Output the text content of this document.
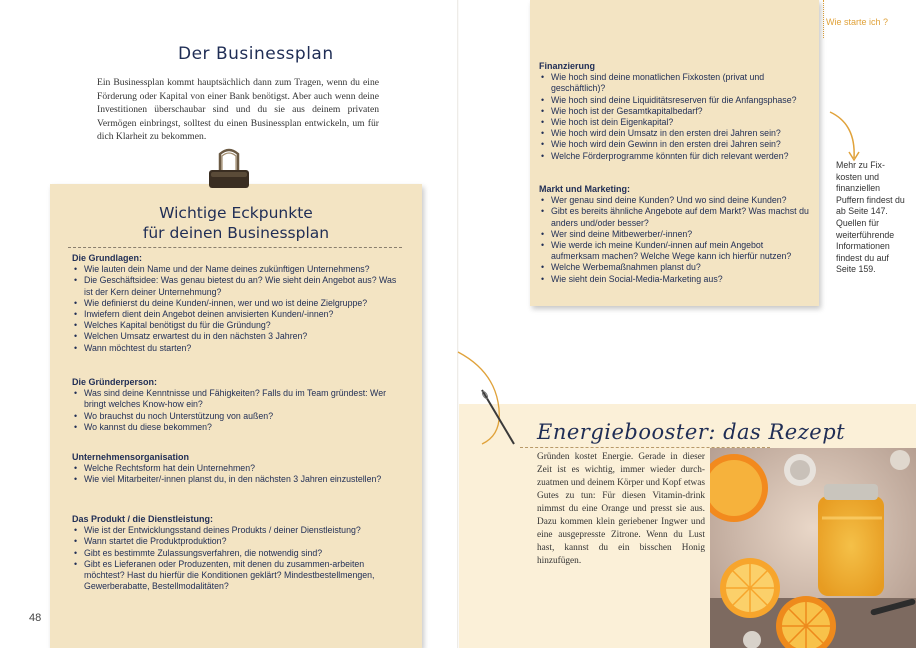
Der Businessplan
Ein Businessplan kommt hauptsächlich dann zum Tragen, wenn du eine Förderung oder Kapital von einer Bank benötigst. Aber auch wenn deine Investitionen überschaubar sind und du sie aus deinem privaten Vermögen einbringst, solltest du einen Businessplan entwickeln, um für dich Klarheit zu bekommen.
Wichtige Eckpunkte
für deinen Businessplan
Die Grundlagen:
• Wie lauten dein Name und der Name deines zukünftigen Unternehmens?
• Die Geschäftsidee: Was genau bietest du an? Wie sieht dein Angebot aus? Was ist der Kern deiner Unternehmung?
• Wie definierst du deine Kunden/-innen, wer und wo ist deine Zielgruppe?
• Inwiefern dient dein Angebot deinen anvisierten Kunden/-innen?
• Welches Kapital benötigst du für die Gründung?
• Welchen Umsatz erwartest du in den nächsten 3 Jahren?
• Wann möchtest du starten?
Die Gründerperson:
• Was sind deine Kenntnisse und Fähigkeiten? Falls du im Team gründest: Wer bringt welches Know-how ein?
• Wo brauchst du noch Unterstützung von außen?
• Wo kannst du diese bekommen?
Unternehmensorganisation
• Welche Rechtsform hat dein Unternehmen?
• Wie viel Mitarbeiter/-innen planst du, in den nächsten 3 Jahren einzustellen?
Das Produkt / die Dienstleistung:
• Wie ist der Entwicklungsstand deines Produkts / deiner Dienstleistung?
• Wann startet die Produktproduktion?
• Gibt es bestimmte Zulassungsverfahren, die notwendig sind?
• Gibt es Lieferanen oder Produzenten, mit denen du zusammen-arbeiten möchtest? Hast du hierfür die Konditionen geklärt? Mindestbestellmengen, Gewerberabatte, Bestellmodalitäten?
48
Wie starte ich ?
Finanzierung
• Wie hoch sind deine monatlichen Fixkosten (privat und geschäftlich)?
• Wie hoch sind deine Liquiditätsreserven für die Anfangsphase?
• Wie hoch ist der Gesamtkapitalbedarf?
• Wie hoch ist dein Eigenkapital?
• Wie hoch wird dein Umsatz in den ersten drei Jahren sein?
• Wie hoch wird dein Gewinn in den ersten drei Jahren sein?
• Welche Förderprogramme könnten für dich relevant werden?
Markt und Marketing:
• Wer genau sind deine Kunden? Und wo sind deine Kunden?
• Gibt es bereits ähnliche Angebote auf dem Markt? Was machst du anders und/oder besser?
• Wer sind deine Mitbewerber/-innen?
• Wie werde ich meine Kunden/-innen auf mein Angebot aufmerksam machen? Welche Wege kann ich hierfür nutzen?
• Welche Werbemaßnahmen planst du?
• Wie sieht dein Social-Media-Marketing aus?
Mehr zu Fix-kosten und finanziellen Puffern findest du ab Seite 147. Quellen für weiterführende Informationen findest du auf Seite 159.
Energiebooster: das Rezept
Gründen kostet Energie. Gerade in dieser Zeit ist es wichtig, immer wieder durch-zuatmen und deinem Körper und Kopf etwas Gutes zu tun: Für diesen Vitamin-drink nimmst du eine Orange und presst sie aus. Dazu kommen klein geriebener Ingwer und eine ausgepresste Zitrone. Wenn du Lust hast, kannst du ein bisschen Honig hinzufügen.
